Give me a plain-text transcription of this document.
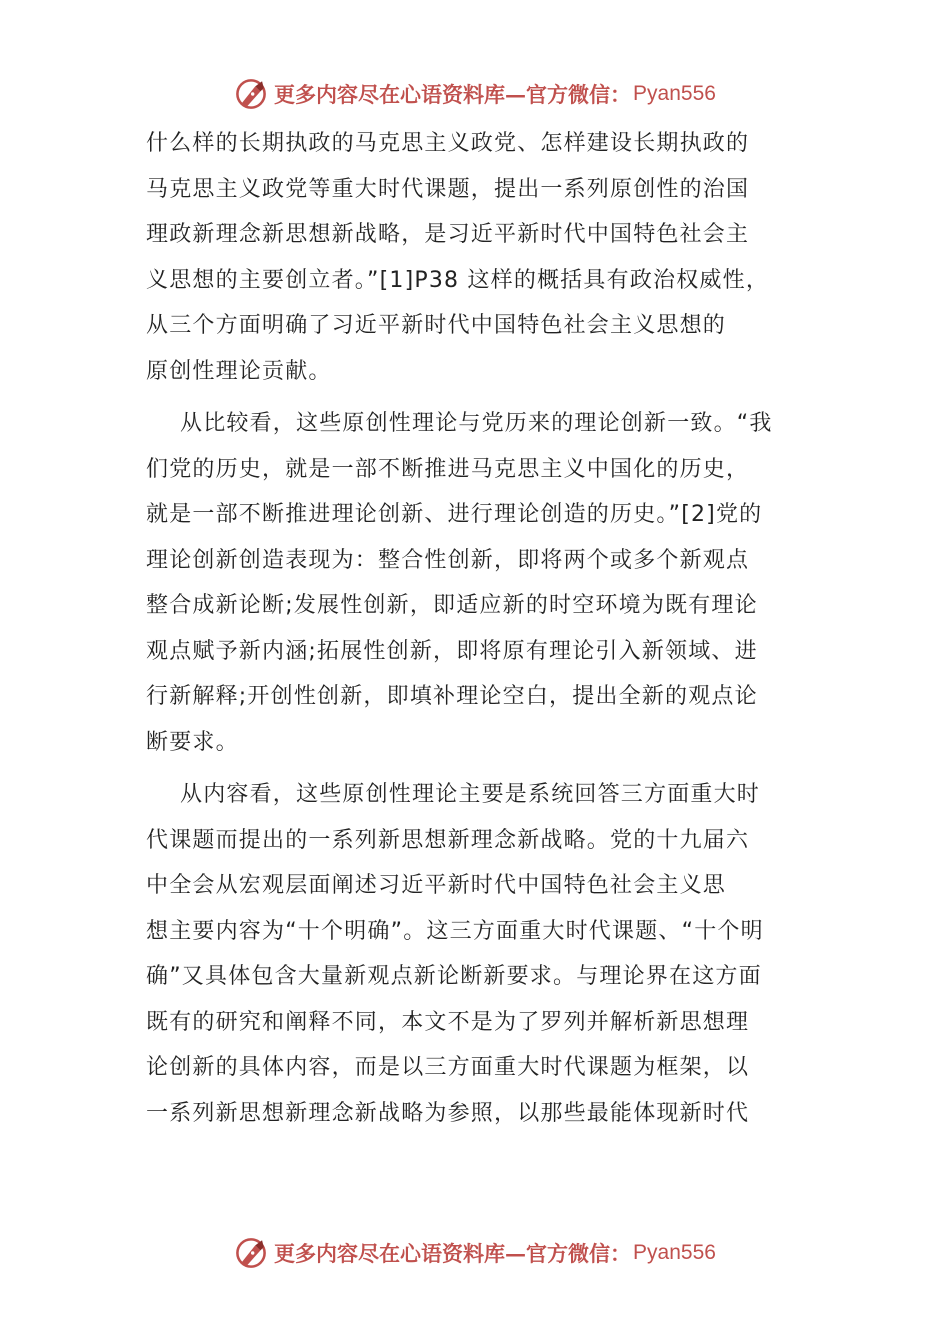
更多内容尽在心语资料库—官方微信： Pyan556
什么样的长期执政的马克思主义政党、怎样建设长期执政的
马克思主义政党等重大时代课题，提出一系列原创性的治国
理政新理念新思想新战略，是习近平新时代中国特色社会主
义思想的主要创立者。”[1]P38 这样的概括具有政治权威性，
从三个方面明确了习近平新时代中国特色社会主义思想的
原创性理论贡献。
从比较看，这些原创性理论与党历来的理论创新一致。“我
们党的历史，就是一部不断推进马克思主义中国化的历史，
就是一部不断推进理论创新、进行理论创造的历史。”[2]党的
理论创新创造表现为：整合性创新，即将两个或多个新观点
整合成新论断;发展性创新，即适应新的时空环境为既有理论
观点赋予新内涵;拓展性创新，即将原有理论引入新领域、进
行新解释;开创性创新，即填补理论空白，提出全新的观点论
断要求。
从内容看，这些原创性理论主要是系统回答三方面重大时
代课题而提出的一系列新思想新理念新战略。党的十九届六
中全会从宏观层面阐述习近平新时代中国特色社会主义思
想主要内容为“十个明确”。这三方面重大时代课题、“十个明
确”又具体包含大量新观点新论断新要求。与理论界在这方面
既有的研究和阐释不同，本文不是为了罗列并解析新思想理
论创新的具体内容，而是以三方面重大时代课题为框架，以
一系列新思想新理念新战略为参照，以那些最能体现新时代
更多内容尽在心语资料库—官方微信： Pyan556
